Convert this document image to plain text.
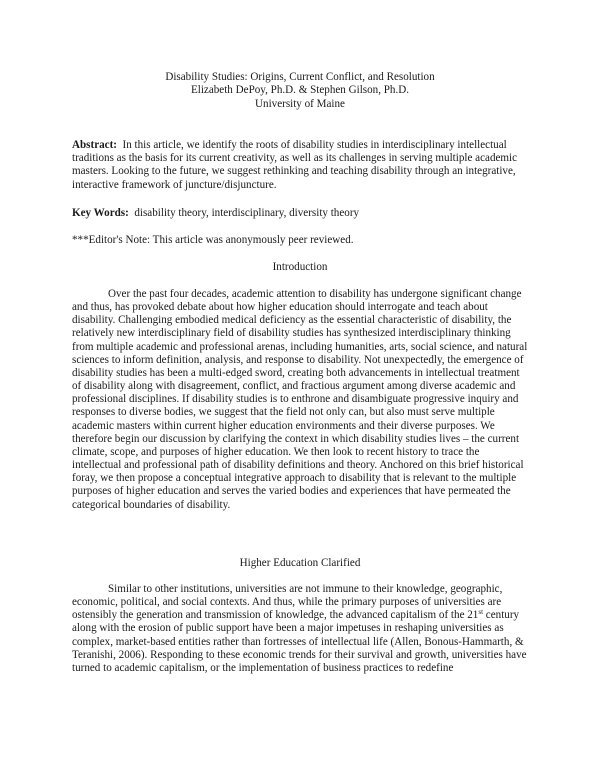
Disability Studies: Origins, Current Conflict, and Resolution
Elizabeth DePoy, Ph.D. & Stephen Gilson, Ph.D.
University of Maine
Abstract: In this article, we identify the roots of disability studies in interdisciplinary intellectual traditions as the basis for its current creativity, as well as its challenges in serving multiple academic masters. Looking to the future, we suggest rethinking and teaching disability through an integrative, interactive framework of juncture/disjuncture.
Key Words: disability theory, interdisciplinary, diversity theory
***Editor's Note: This article was anonymously peer reviewed.
Introduction
Over the past four decades, academic attention to disability has undergone significant change and thus, has provoked debate about how higher education should interrogate and teach about disability. Challenging embodied medical deficiency as the essential characteristic of disability, the relatively new interdisciplinary field of disability studies has synthesized interdisciplinary thinking from multiple academic and professional arenas, including humanities, arts, social science, and natural sciences to inform definition, analysis, and response to disability. Not unexpectedly, the emergence of disability studies has been a multi-edged sword, creating both advancements in intellectual treatment of disability along with disagreement, conflict, and fractious argument among diverse academic and professional disciplines. If disability studies is to enthrone and disambiguate progressive inquiry and responses to diverse bodies, we suggest that the field not only can, but also must serve multiple academic masters within current higher education environments and their diverse purposes. We therefore begin our discussion by clarifying the context in which disability studies lives – the current climate, scope, and purposes of higher education. We then look to recent history to trace the intellectual and professional path of disability definitions and theory. Anchored on this brief historical foray, we then propose a conceptual integrative approach to disability that is relevant to the multiple purposes of higher education and serves the varied bodies and experiences that have permeated the categorical boundaries of disability.
Higher Education Clarified
Similar to other institutions, universities are not immune to their knowledge, geographic, economic, political, and social contexts. And thus, while the primary purposes of universities are ostensibly the generation and transmission of knowledge, the advanced capitalism of the 21st century along with the erosion of public support have been a major impetuses in reshaping universities as complex, market-based entities rather than fortresses of intellectual life (Allen, Bonous-Hammarth, & Teranishi, 2006). Responding to these economic trends for their survival and growth, universities have turned to academic capitalism, or the implementation of business practices to redefine
